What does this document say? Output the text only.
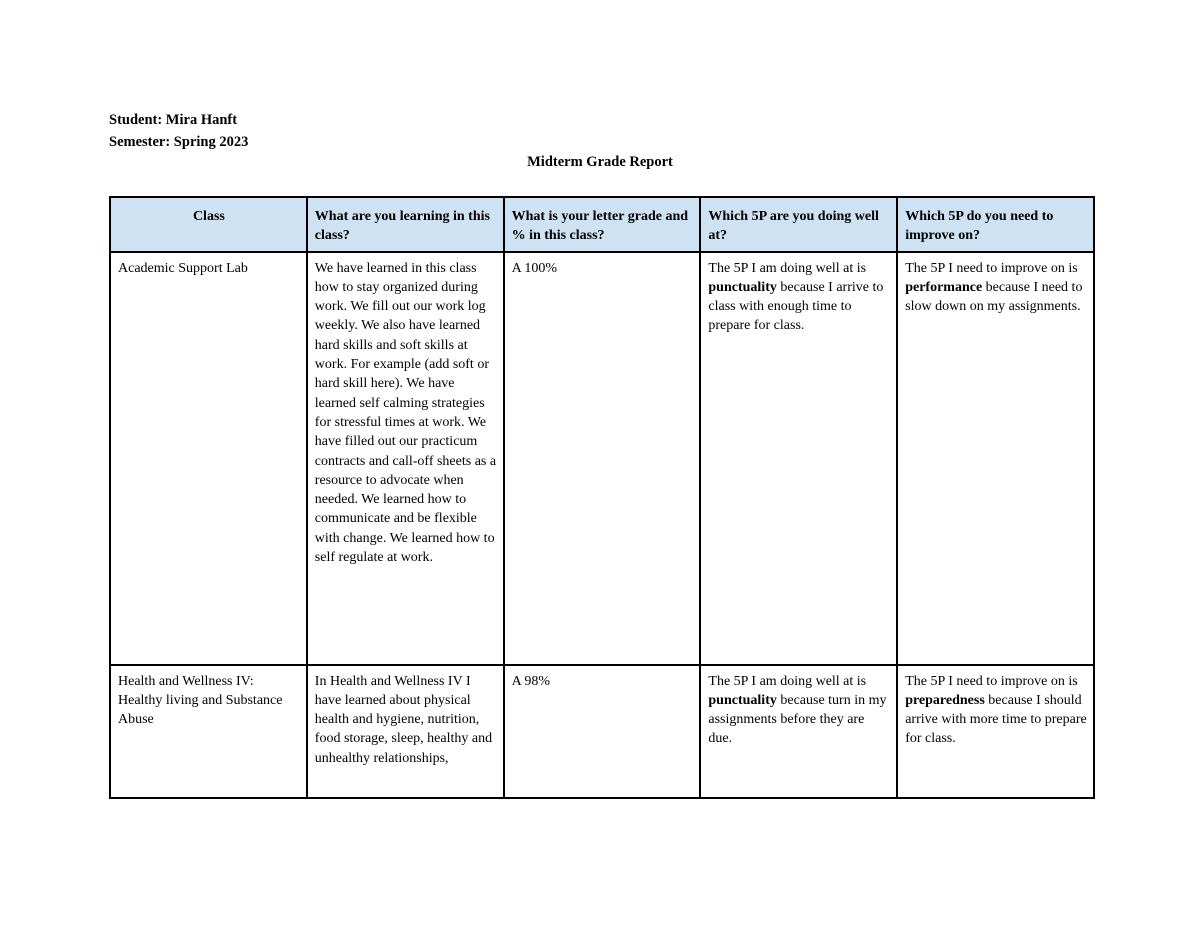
Student: Mira Hanft
Semester: Spring 2023
Midterm Grade Report
Class	What are you learning in this class?	What is your letter grade and % in this class?	Which 5P are you doing well at?	Which 5P do you need to improve on?
Academic Support Lab	We have learned in this class how to stay organized during work. We fill out our work log weekly. We also have learned hard skills and soft skills at work. For example (add soft or hard skill here). We have learned self calming strategies for stressful times at work. We have filled out our practicum contracts and call-off sheets as a resource to advocate when needed. We learned how to communicate and be flexible with change. We learned how to self regulate at work.	A 100%	The 5P I am doing well at is punctuality because I arrive to class with enough time to prepare for class.	The 5P I need to improve on is performance because I need to slow down on my assignments.
Health and Wellness IV: Healthy living and Substance Abuse	In Health and Wellness IV I have learned about physical health and hygiene, nutrition, food storage, sleep, healthy and unhealthy relationships,	A 98%	The 5P I am doing well at is punctuality because turn in my assignments before they are due.	The 5P I need to improve on is preparedness because I should arrive with more time to prepare for class.
